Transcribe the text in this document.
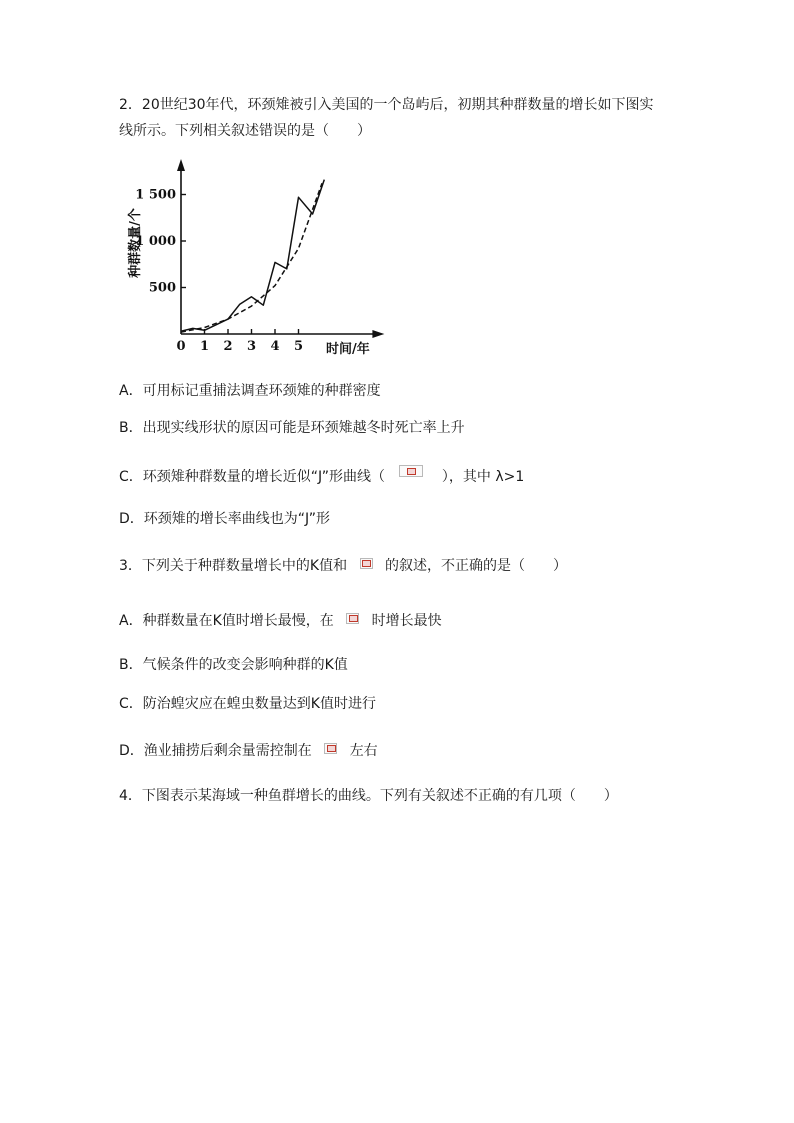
2．20世纪30年代，环颈雉被引入美国的一个岛屿后，初期其种群数量的增长如下图实
线所示。下列相关叙述错误的是（　　）
500
1 000
1 500
0 1 2 3 4 5
种群数量/个
时间/年
A．可用标记重捕法调查环颈雉的种群密度
B．出现实线形状的原因可能是环颈雉越冬时死亡率上升
C．环颈雉种群数量的增长近似“J”形曲线（	），其中 λ>1
D．环颈雉的增长率曲线也为“J”形
3．下列关于种群数量增长中的K值和	的叙述，不正确的是（　　）
A．种群数量在K值时增长最慢，在	时增长最快
B．气候条件的改变会影响种群的K值
C．防治蝗灾应在蝗虫数量达到K值时进行
D．渔业捕捞后剩余量需控制在	左右
4．下图表示某海域一种鱼群增长的曲线。下列有关叙述不正确的有几项（　　）
